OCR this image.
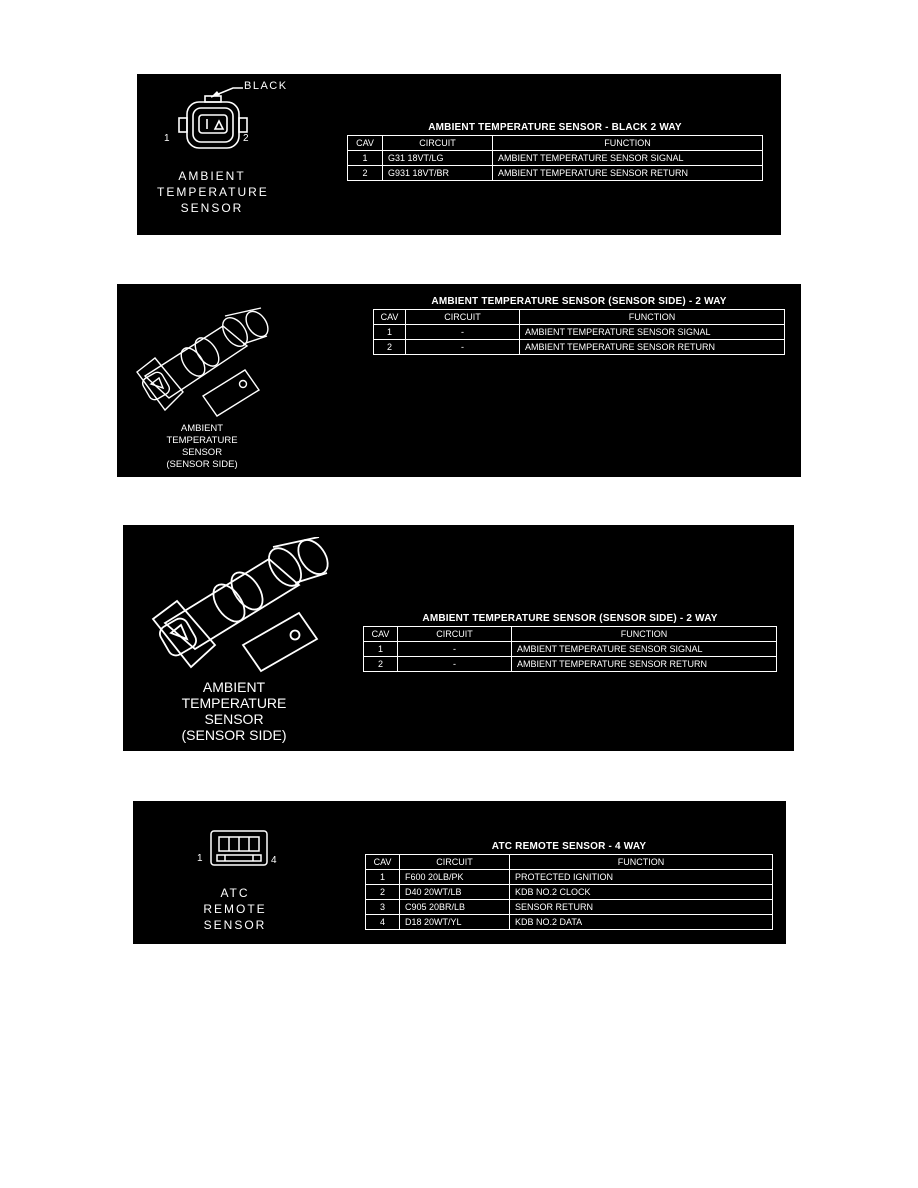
BLACK
1	2
AMBIENT
TEMPERATURE
SENSOR
AMBIENT TEMPERATURE SENSOR - BLACK 2 WAY
CAV	CIRCUIT	FUNCTION
1	G31 18VT/LG	AMBIENT TEMPERATURE SENSOR SIGNAL
2	G931 18VT/BR	AMBIENT TEMPERATURE SENSOR RETURN
AMBIENT
TEMPERATURE
SENSOR
(SENSOR SIDE)
AMBIENT TEMPERATURE SENSOR (SENSOR SIDE) - 2 WAY
CAV	CIRCUIT	FUNCTION
1	-	AMBIENT TEMPERATURE SENSOR SIGNAL
2	-	AMBIENT TEMPERATURE SENSOR RETURN
AMBIENT
TEMPERATURE
SENSOR
(SENSOR SIDE)
AMBIENT TEMPERATURE SENSOR (SENSOR SIDE) - 2 WAY
CAV	CIRCUIT	FUNCTION
1	-	AMBIENT TEMPERATURE SENSOR SIGNAL
2	-	AMBIENT TEMPERATURE SENSOR RETURN
1	4
ATC
REMOTE
SENSOR
ATC REMOTE SENSOR - 4 WAY
CAV	CIRCUIT	FUNCTION
1	F600 20LB/PK	PROTECTED IGNITION
2	D40 20WT/LB	KDB NO.2 CLOCK
3	C905 20BR/LB	SENSOR RETURN
4	D18 20WT/YL	KDB NO.2 DATA
